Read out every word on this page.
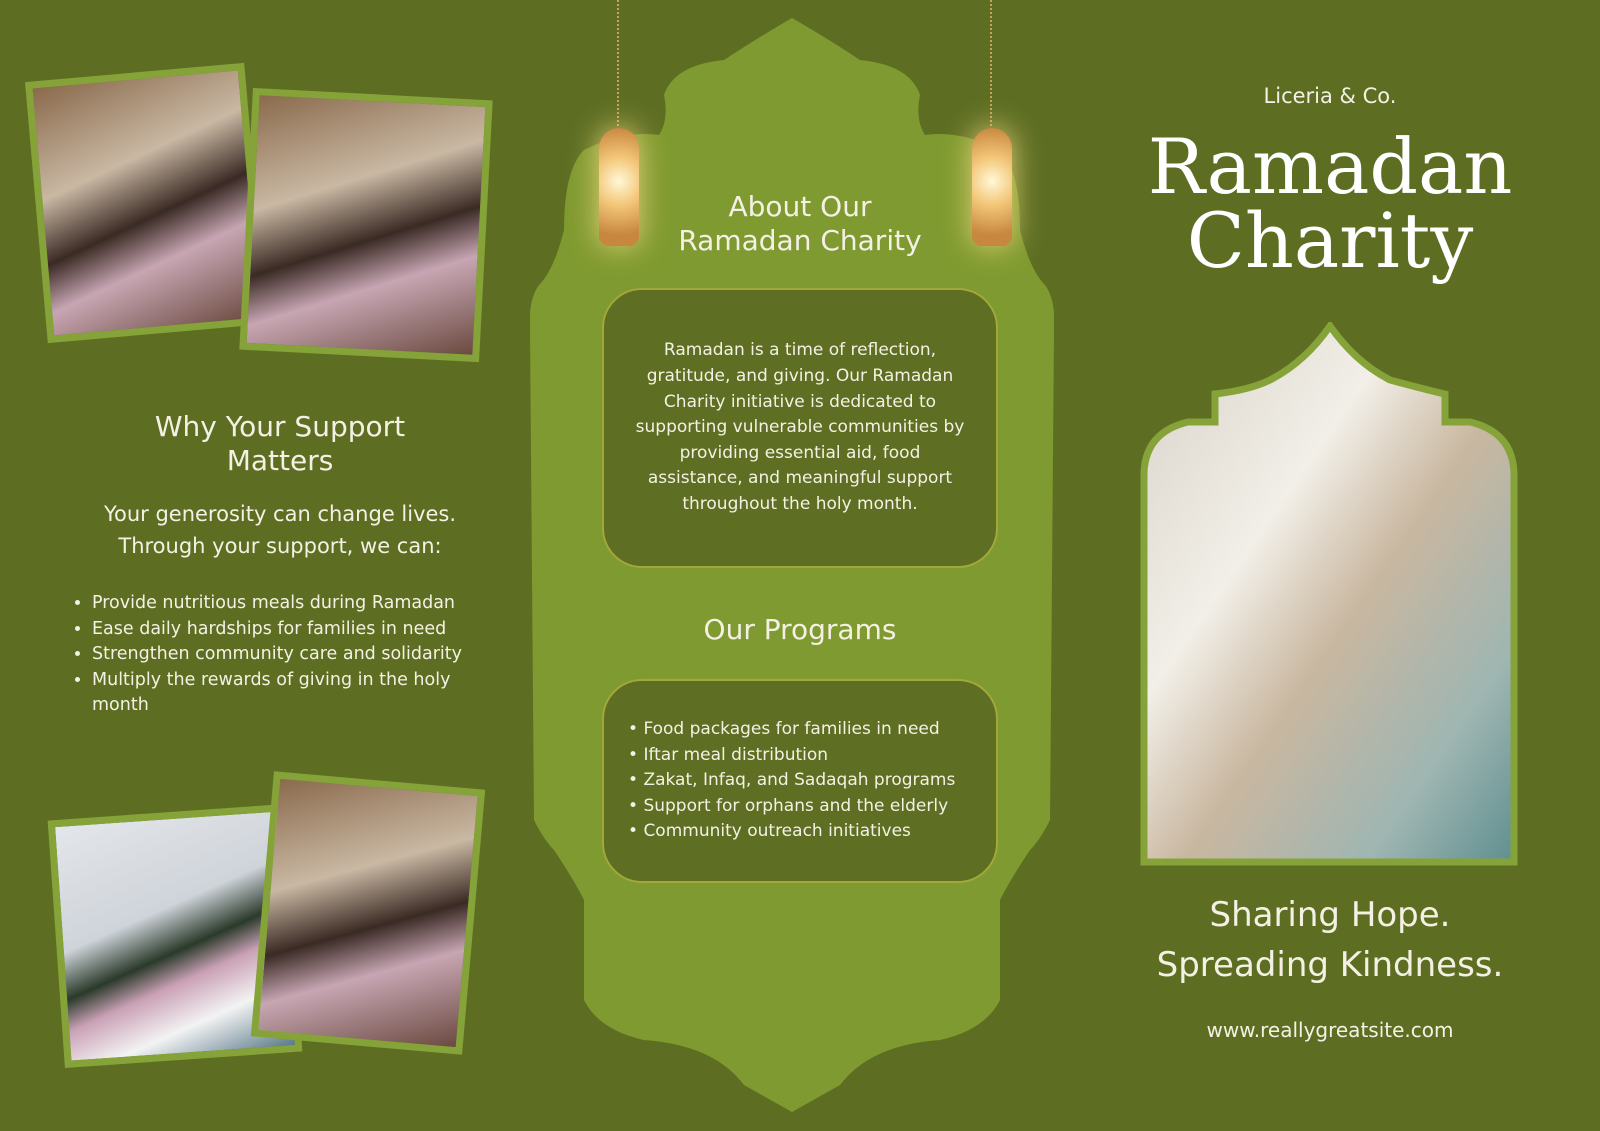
Why Your Support Matters
Your generosity can change lives.
Through your support, we can:
• Provide nutritious meals during Ramadan
• Ease daily hardships for families in need
• Strengthen community care and solidarity
• Multiply the rewards of giving in the holy month
About Our
Ramadan Charity

Ramadan is a time of reflection, gratitude, and giving. Our Ramadan Charity initiative is dedicated to supporting vulnerable communities by providing essential aid, food assistance, and meaningful support throughout the holy month.

Our Programs
• Food packages for families in need
• Iftar meal distribution
• Zakat, Infaq, and Sadaqah programs
• Support for orphans and the elderly
• Community outreach initiatives
Liceria & Co.
Ramadan
Charity
Sharing Hope.
Spreading Kindness.
www.reallygreatsite.com
